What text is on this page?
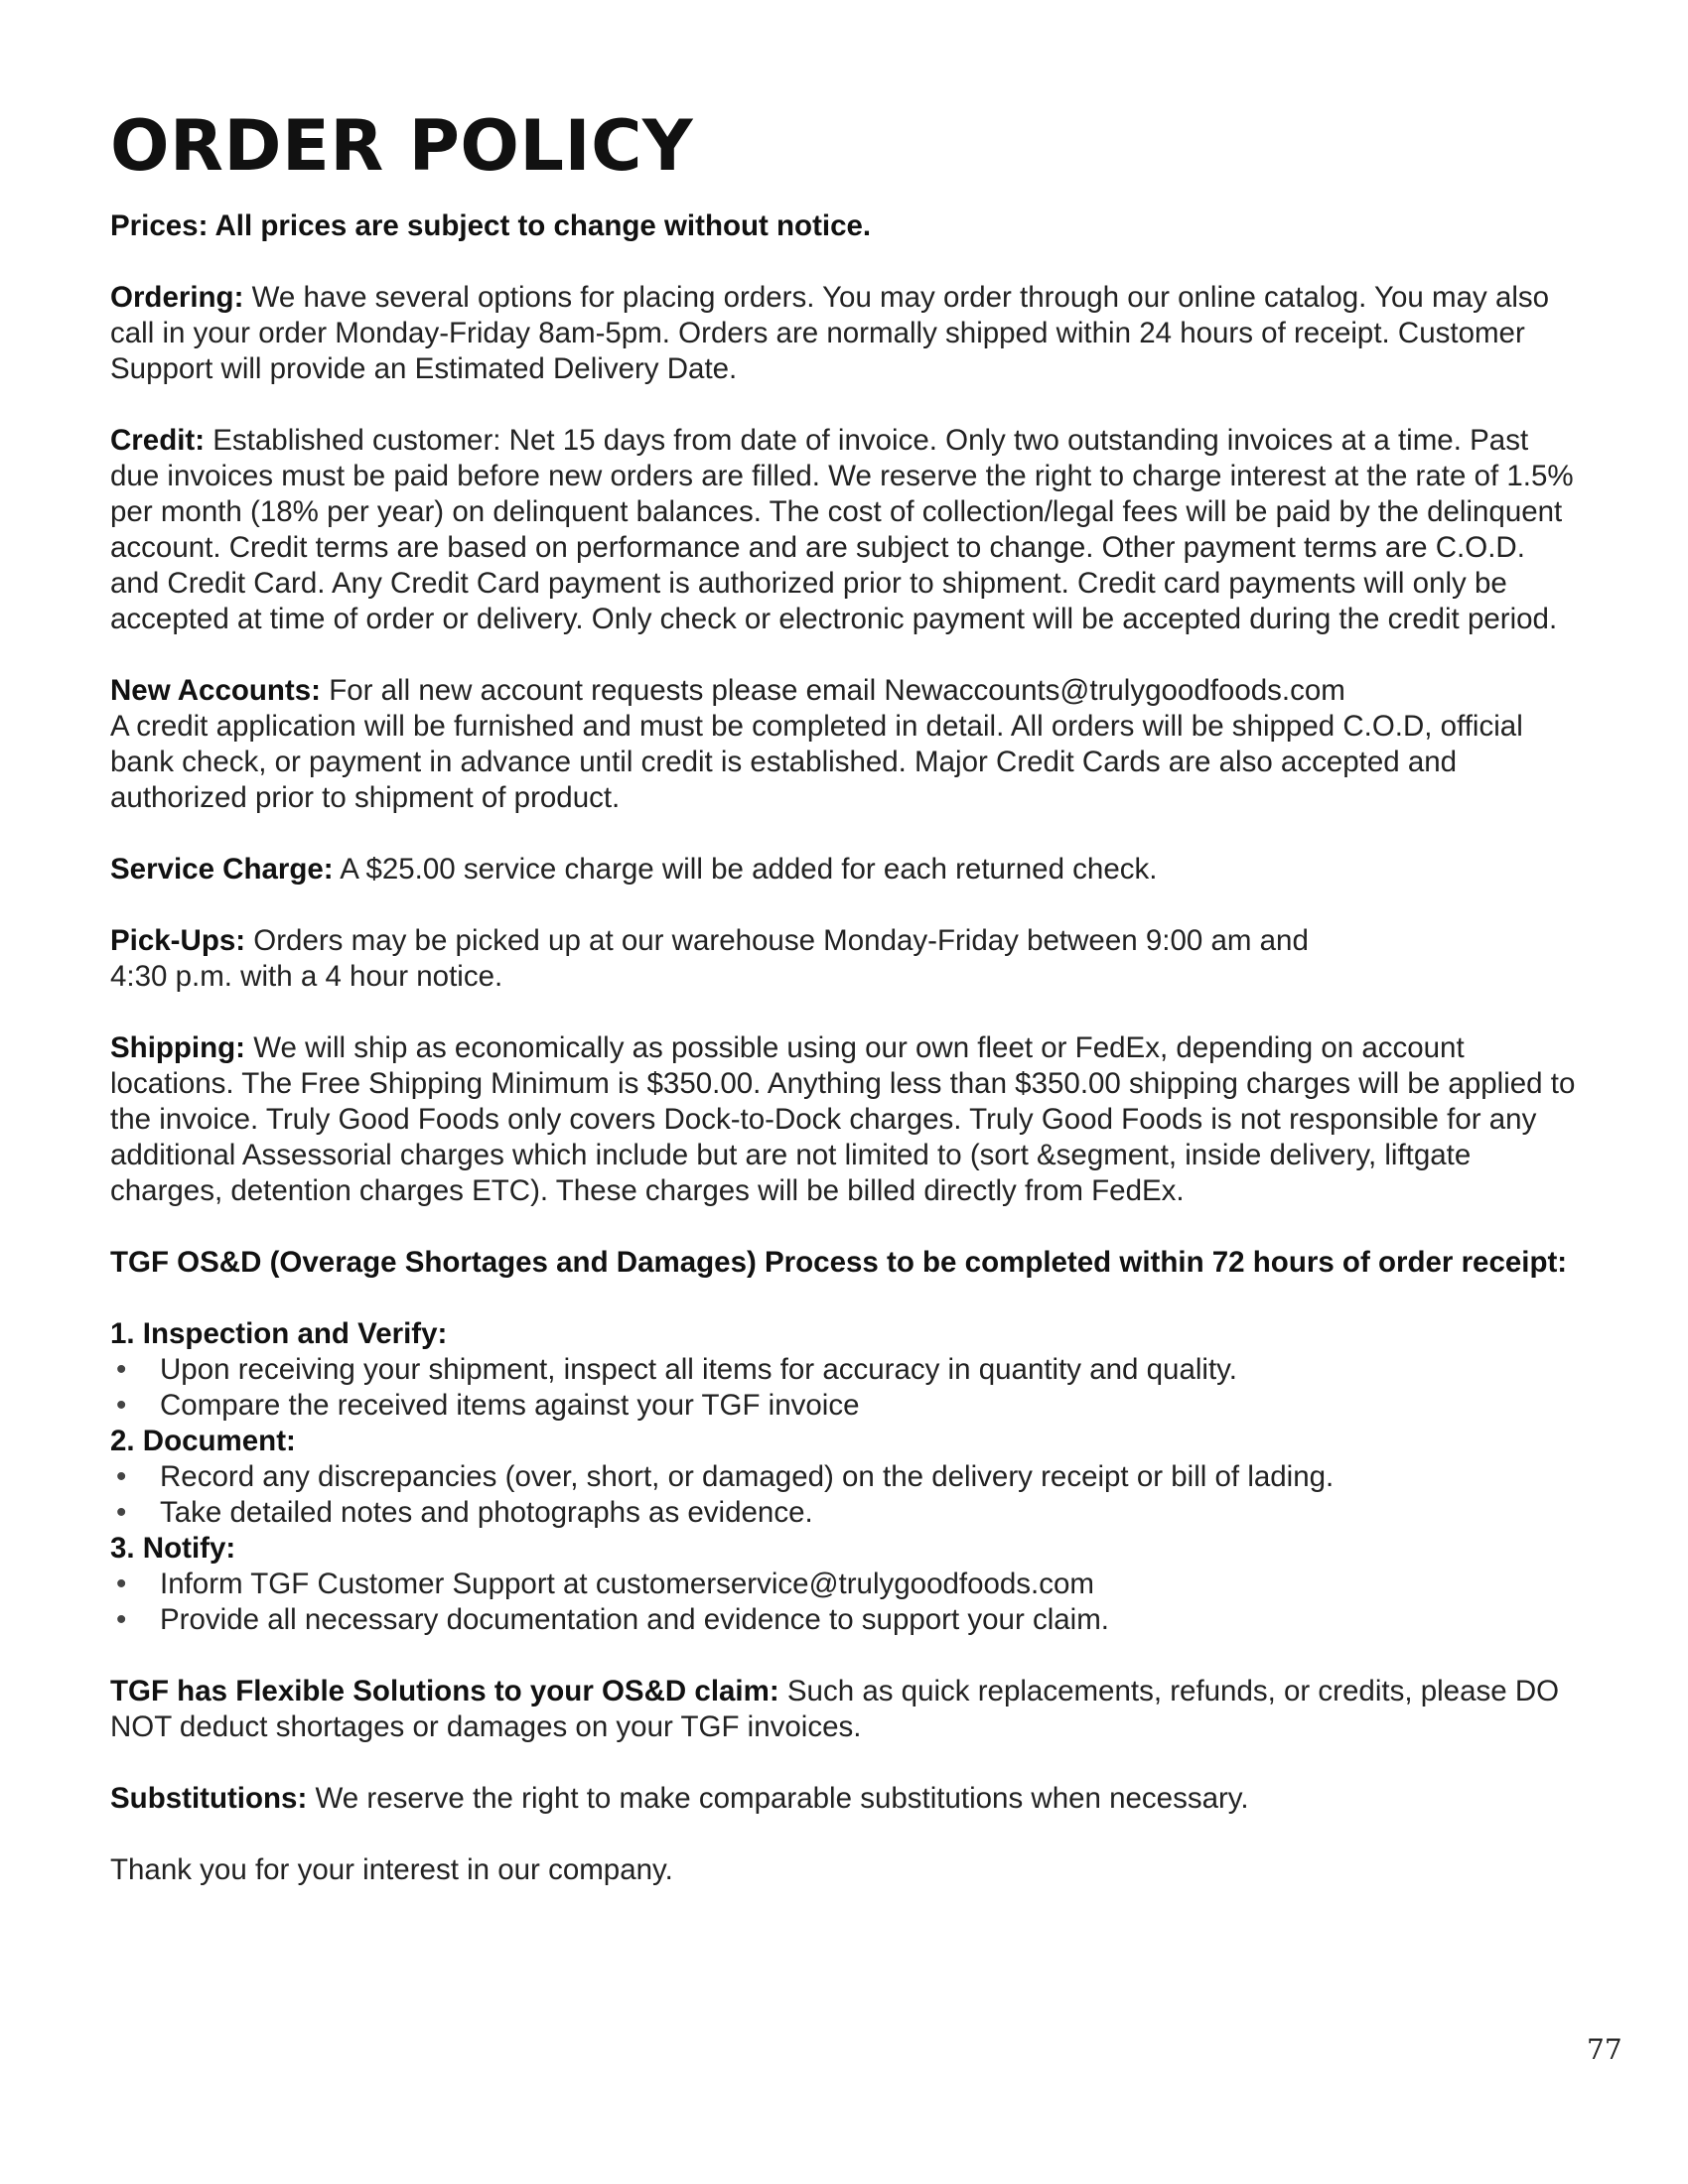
ORDER POLICY

Prices: All prices are subject to change without notice.

Ordering: We have several options for placing orders. You may order through our online catalog. You may also call in your order Monday-Friday 8am-5pm. Orders are normally shipped within 24 hours of receipt. Customer Support will provide an Estimated Delivery Date.

Credit: Established customer: Net 15 days from date of invoice. Only two outstanding invoices at a time. Past due invoices must be paid before new orders are filled. We reserve the right to charge interest at the rate of 1.5% per month (18% per year) on delinquent balances. The cost of collection/legal fees will be paid by the delinquent account. Credit terms are based on performance and are subject to change. Other payment terms are C.O.D. and Credit Card. Any Credit Card payment is authorized prior to shipment. Credit card payments will only be accepted at time of order or delivery. Only check or electronic payment will be accepted during the credit period.

New Accounts: For all new account requests please email Newaccounts@trulygoodfoods.com

A credit application will be furnished and must be completed in detail. All orders will be shipped C.O.D, official bank check, or payment in advance until credit is established. Major Credit Cards are also accepted and authorized prior to shipment of product.

Service Charge: A $25.00 service charge will be added for each returned check.

Pick-Ups: Orders may be picked up at our warehouse Monday-Friday between 9:00 am and

4:30 p.m. with a 4 hour notice.

Shipping: We will ship as economically as possible using our own fleet or FedEx, depending on account locations. The Free Shipping Minimum is $350.00. Anything less than $350.00 shipping charges will be applied to the invoice. Truly Good Foods only covers Dock-to-Dock charges. Truly Good Foods is not responsible for any additional Assessorial charges which include but are not limited to (sort &segment, inside delivery, liftgate charges, detention charges ETC). These charges will be billed directly from FedEx.

TGF OS&D (Overage Shortages and Damages) Process to be completed within 72 hours of order receipt:

1. Inspection and Verify:

• Upon receiving your shipment, inspect all items for accuracy in quantity and quality.

• Compare the received items against your TGF invoice

2. Document:

• Record any discrepancies (over, short, or damaged) on the delivery receipt or bill of lading.

• Take detailed notes and photographs as evidence.

3. Notify:

• Inform TGF Customer Support at customerservice@trulygoodfoods.com

• Provide all necessary documentation and evidence to support your claim.

TGF has Flexible Solutions to your OS&D claim: Such as quick replacements, refunds, or credits, please DO NOT deduct shortages or damages on your TGF invoices.

Substitutions: We reserve the right to make comparable substitutions when necessary.

Thank you for your interest in our company.

77
